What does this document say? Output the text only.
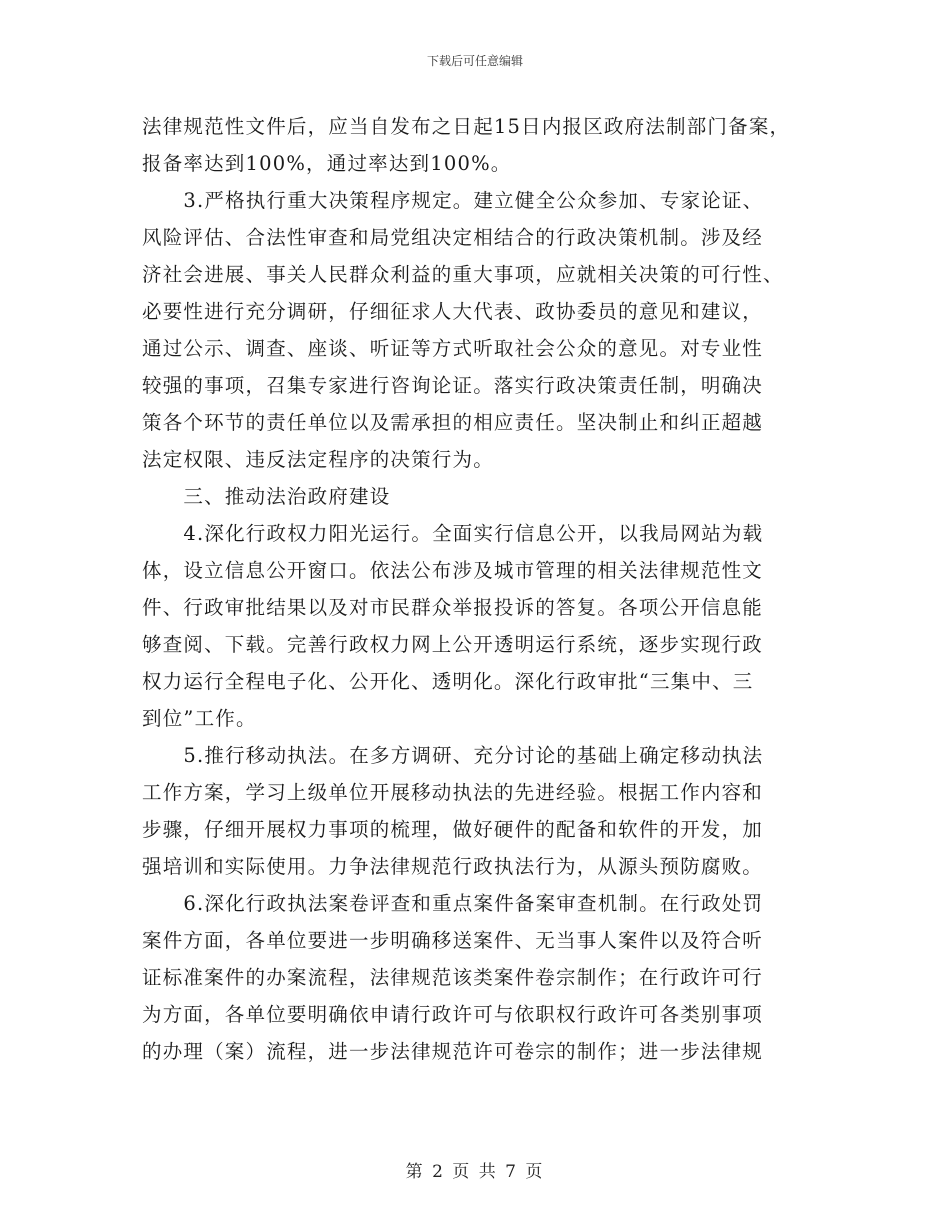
下载后可任意编辑
法律规范性文件后，应当自发布之日起15日内报区政府法制部门备案，
报备率达到100%，通过率达到100%。
　　3.严格执行重大决策程序规定。建立健全公众参加、专家论证、
风险评估、合法性审查和局党组决定相结合的行政决策机制。涉及经
济社会进展、事关人民群众利益的重大事项，应就相关决策的可行性、
必要性进行充分调研，仔细征求人大代表、政协委员的意见和建议，
通过公示、调查、座谈、听证等方式听取社会公众的意见。对专业性
较强的事项，召集专家进行咨询论证。落实行政决策责任制，明确决
策各个环节的责任单位以及需承担的相应责任。坚决制止和纠正超越
法定权限、违反法定程序的决策行为。
　　三、推动法治政府建设
　　4.深化行政权力阳光运行。全面实行信息公开，以我局网站为载
体，设立信息公开窗口。依法公布涉及城市管理的相关法律规范性文
件、行政审批结果以及对市民群众举报投诉的答复。各项公开信息能
够查阅、下载。完善行政权力网上公开透明运行系统，逐步实现行政
权力运行全程电子化、公开化、透明化。深化行政审批“三集中、三
到位”工作。
　　5.推行移动执法。在多方调研、充分讨论的基础上确定移动执法
工作方案，学习上级单位开展移动执法的先进经验。根据工作内容和
步骤，仔细开展权力事项的梳理，做好硬件的配备和软件的开发，加
强培训和实际使用。力争法律规范行政执法行为，从源头预防腐败。
　　6.深化行政执法案卷评查和重点案件备案审查机制。在行政处罚
案件方面，各单位要进一步明确移送案件、无当事人案件以及符合听
证标准案件的办案流程，法律规范该类案件卷宗制作；在行政许可行
为方面，各单位要明确依申请行政许可与依职权行政许可各类别事项
的办理（案）流程，进一步法律规范许可卷宗的制作；进一步法律规
第 2 页 共 7 页
